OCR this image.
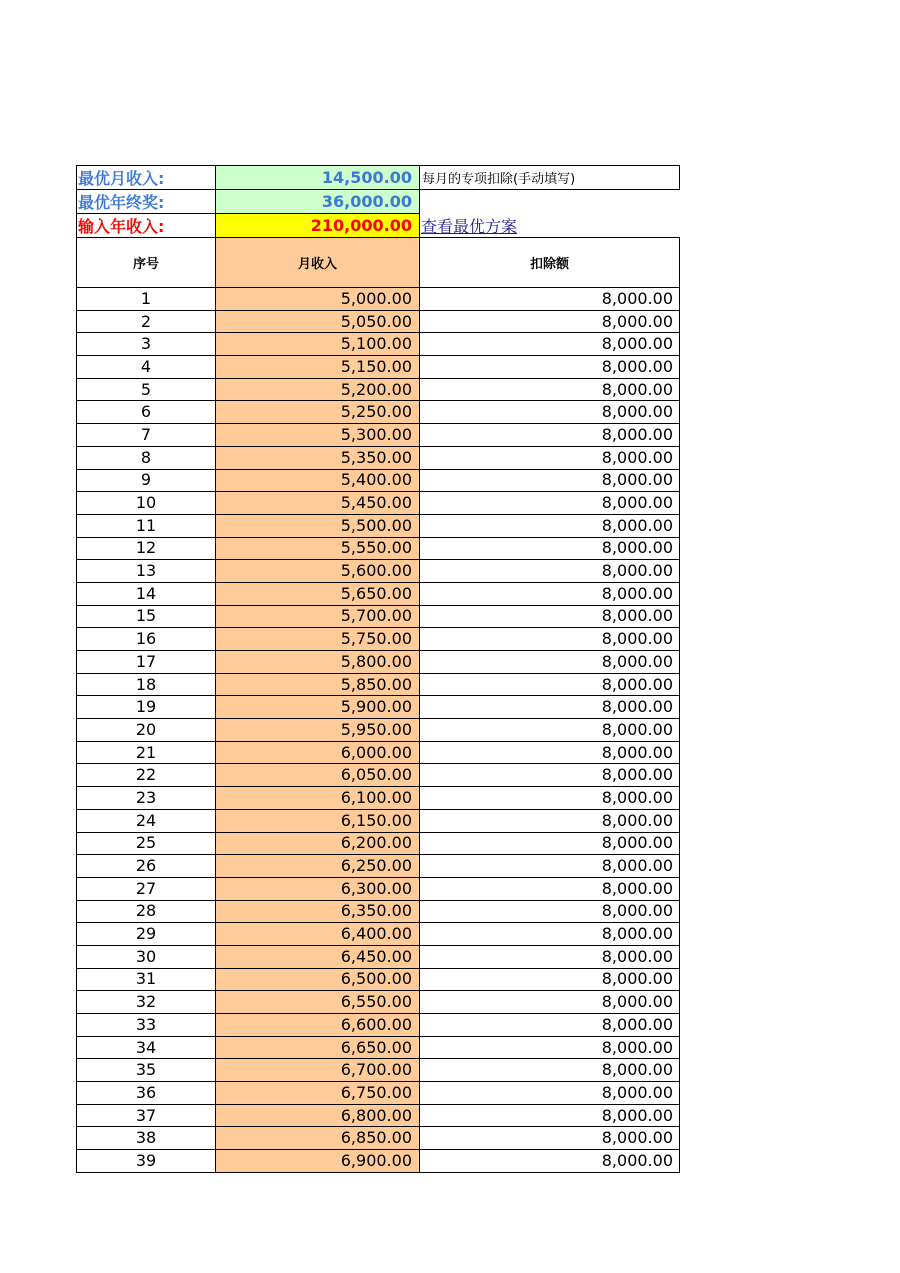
最优月收入:	14,500.00	每月的专项扣除(手动填写)
最优年终奖:	36,000.00	
输入年收入:	210,000.00	查看最优方案
序号	月收入	扣除额
1	5,000.00	8,000.00
2	5,050.00	8,000.00
3	5,100.00	8,000.00
4	5,150.00	8,000.00
5	5,200.00	8,000.00
6	5,250.00	8,000.00
7	5,300.00	8,000.00
8	5,350.00	8,000.00
9	5,400.00	8,000.00
10	5,450.00	8,000.00
11	5,500.00	8,000.00
12	5,550.00	8,000.00
13	5,600.00	8,000.00
14	5,650.00	8,000.00
15	5,700.00	8,000.00
16	5,750.00	8,000.00
17	5,800.00	8,000.00
18	5,850.00	8,000.00
19	5,900.00	8,000.00
20	5,950.00	8,000.00
21	6,000.00	8,000.00
22	6,050.00	8,000.00
23	6,100.00	8,000.00
24	6,150.00	8,000.00
25	6,200.00	8,000.00
26	6,250.00	8,000.00
27	6,300.00	8,000.00
28	6,350.00	8,000.00
29	6,400.00	8,000.00
30	6,450.00	8,000.00
31	6,500.00	8,000.00
32	6,550.00	8,000.00
33	6,600.00	8,000.00
34	6,650.00	8,000.00
35	6,700.00	8,000.00
36	6,750.00	8,000.00
37	6,800.00	8,000.00
38	6,850.00	8,000.00
39	6,900.00	8,000.00
